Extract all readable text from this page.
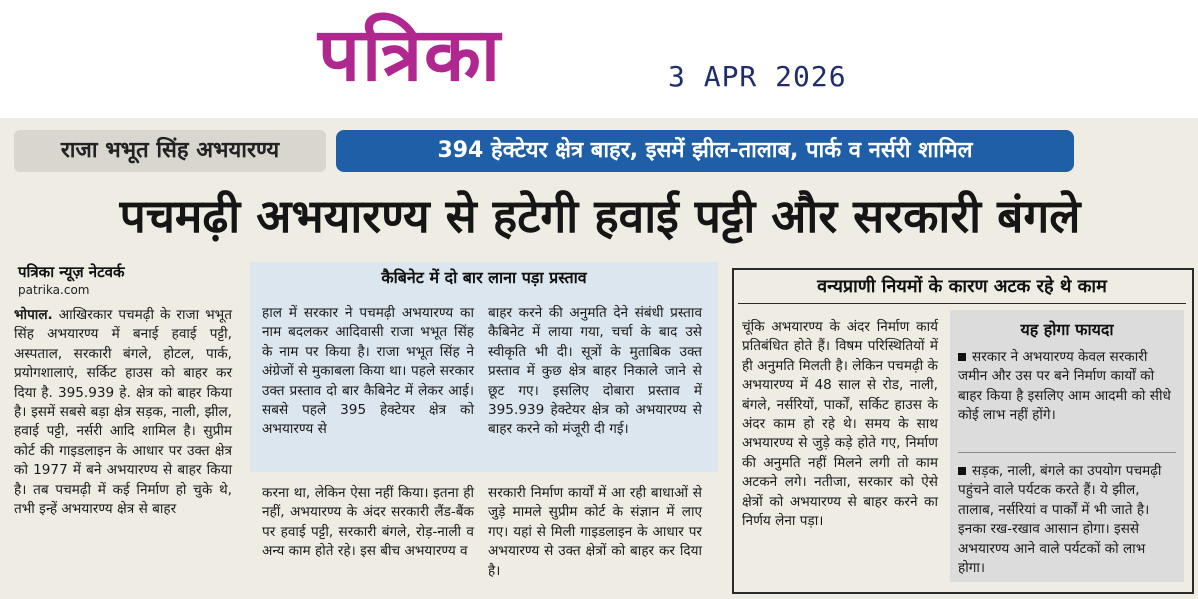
पत्रिका	3 APR 2026
राजा भभूत सिंह अभयारण्य	394 हेक्टेयर क्षेत्र बाहर, इसमें झील-तालाब, पार्क व नर्सरी शामिल
पचमढ़ी अभयारण्य से हटेगी हवाई पट्टी और सरकारी बंगले
पत्रिका न्यूज़ नेटवर्क
patrika.com
भोपाल. आखिरकार पचमढ़ी के राजा भभूत सिंह अभयारण्य में बनाई हवाई पट्टी, अस्पताल, सरकारी बंगले, होटल, पार्क, प्रयोगशालाएं, सर्किट हाउस को बाहर कर दिया है. 395.939 हे. क्षेत्र को बाहर किया है। इसमें सबसे बड़ा क्षेत्र सड़क, नाली, झील, हवाई पट्टी, नर्सरी आदि शामिल है। सुप्रीम कोर्ट की गाइडलाइन के आधार पर उक्त क्षेत्र को 1977 में बने अभयारण्य से बाहर किया है। तब पचमढ़ी में कई निर्माण हो चुके थे, तभी इन्हें अभयारण्य क्षेत्र से बाहर
कैबिनेट में दो बार लाना पड़ा प्रस्ताव
हाल में सरकार ने पचमढ़ी अभयारण्य का नाम बदलकर आदिवासी राजा भभूत सिंह के नाम पर किया है। राजा भभूत सिंह ने अंग्रेजों से मुकाबला किया था। पहले सरकार उक्त प्रस्ताव दो बार कैबिनेट में लेकर आई। सबसे पहले 395 हेक्टेयर क्षेत्र को अभयारण्य से
बाहर करने की अनुमति देने संबंधी प्रस्ताव कैबिनेट में लाया गया, चर्चा के बाद उसे स्वीकृति भी दी। सूत्रों के मुताबिक उक्त प्रस्ताव में कुछ क्षेत्र बाहर निकाले जाने से छूट गए। इसलिए दोबारा प्रस्ताव में 395.939 हेक्टेयर क्षेत्र को अभयारण्य से बाहर करने को मंजूरी दी गई।
करना था, लेकिन ऐसा नहीं किया। इतना ही नहीं, अभयारण्य के अंदर सरकारी लैंड-बैंक पर हवाई पट्टी, सरकारी बंगले, रोड़-नाली व अन्य काम होते रहे। इस बीच अभयारण्य व
सरकारी निर्माण कार्यों में आ रही बाधाओं से जुड़े मामले सुप्रीम कोर्ट के संज्ञान में लाए गए। यहां से मिली गाइडलाइन के आधार पर अभयारण्य से उक्त क्षेत्रों को बाहर कर दिया है।
वन्यप्राणी नियमों के कारण अटक रहे थे काम
चूंकि अभयारण्य के अंदर निर्माण कार्य प्रतिबंधित होते हैं। विषम परिस्थितियों में ही अनुमति मिलती है। लेकिन पचमढ़ी के अभयारण्य में 48 साल से रोड, नाली, बंगले, नर्सरियों, पार्कों, सर्किट हाउस के अंदर काम हो रहे थे। समय के साथ अभयारण्य से जुड़े कड़े होते गए, निर्माण की अनुमति नहीं मिलने लगी तो काम अटकने लगे। नतीजा, सरकार को ऐसे क्षेत्रों को अभयारण्य से बाहर करने का निर्णय लेना पड़ा।
यह होगा फायदा
सरकार ने अभयारण्य केवल सरकारी जमीन और उस पर बने निर्माण कार्यों को बाहर किया है इसलिए आम आदमी को सीधे कोई लाभ नहीं होंगे।
सड़क, नाली, बंगले का उपयोग पचमढ़ी पहुंचने वाले पर्यटक करते हैं। ये झील, तालाब, नर्सरियां व पार्कों में भी जाते है। इनका रख-रखाव आसान होगा। इससे अभयारण्य आने वाले पर्यटकों को लाभ होगा।
